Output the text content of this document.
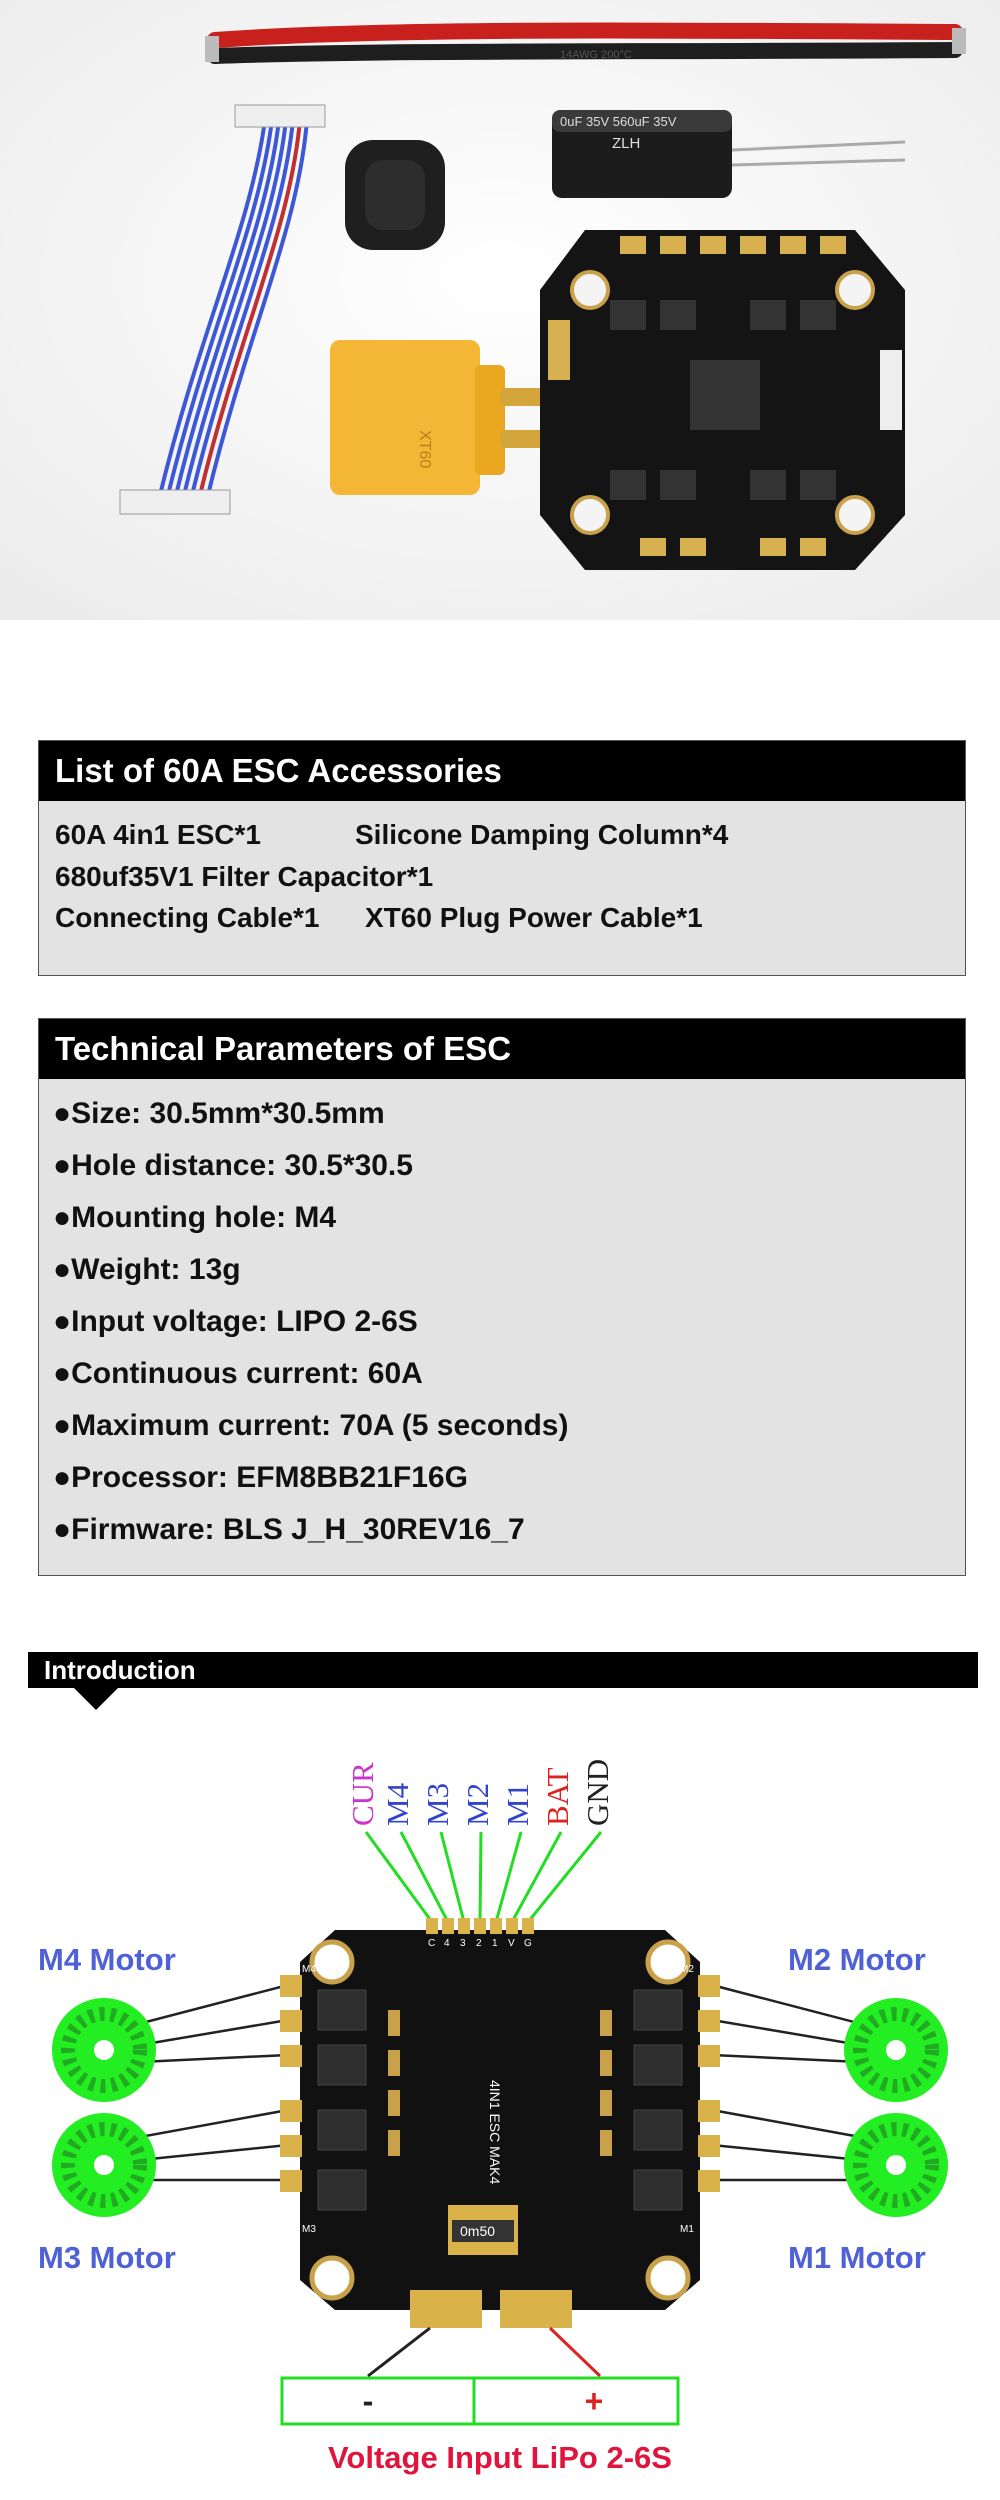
14AWG 200°C
0uF 35V 560uF 35V
ZLH
XT60
List of 60A ESC Accessories
60A 4in1 ESC*1	Silicone Damping Column*4
680uf35V1 Filter Capacitor*1
Connecting Cable*1 XT60 Plug Power Cable*1
Technical Parameters of ESC
●Size: 30.5mm*30.5mm
●Hole distance: 30.5*30.5
●Mounting hole: M4
●Weight: 13g
●Input voltage: LIPO 2-6S
●Continuous current: 60A
●Maximum current: 70A (5 seconds)
●Processor: EFM8BB21F16G
●Firmware: BLS J_H_30REV16_7
Introduction
CUR M4 M3 M2 M1 BAT GND
C 4 3 2 1 V G
4IN1 ESC MAK4
M4	M2
M3	M1
0m50
-	+
M4 Motor	M2 Motor
M3 Motor	M1 Motor
Voltage Input LiPo 2-6S
